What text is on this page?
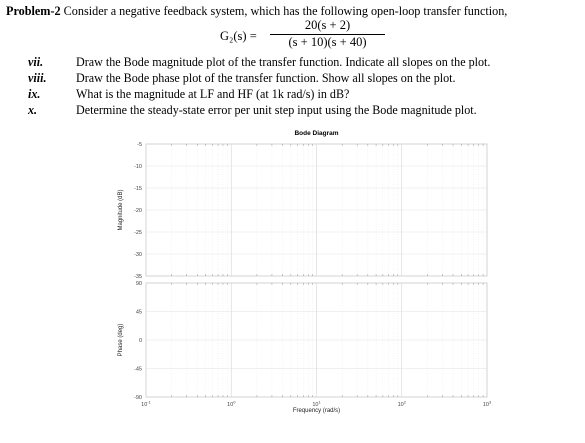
Problem-2 Consider a negative feedback system, which has the following open-loop transfer function,
G₂(s) =
20(s + 2)
(s + 10)(s + 40)
vii.	Draw the Bode magnitude plot of the transfer function. Indicate all slopes on the plot.
viii. Draw the Bode phase plot of the transfer function. Show all slopes on the plot.
ix.	What is the magnitude at LF and HF (at 1k rad/s) in dB?
x.	Determine the steady-state error per unit step input using the Bode magnitude plot.
Bode Diagram
-5
-10
-15
-20
-25
-30
-35
Magnitude (dB)
90
45
0
-45
-90
Phase (deg)
$10^{-1}$	$10^0$	$10^1$	$10^2$	$10^3$
Frequency (rad/s)
